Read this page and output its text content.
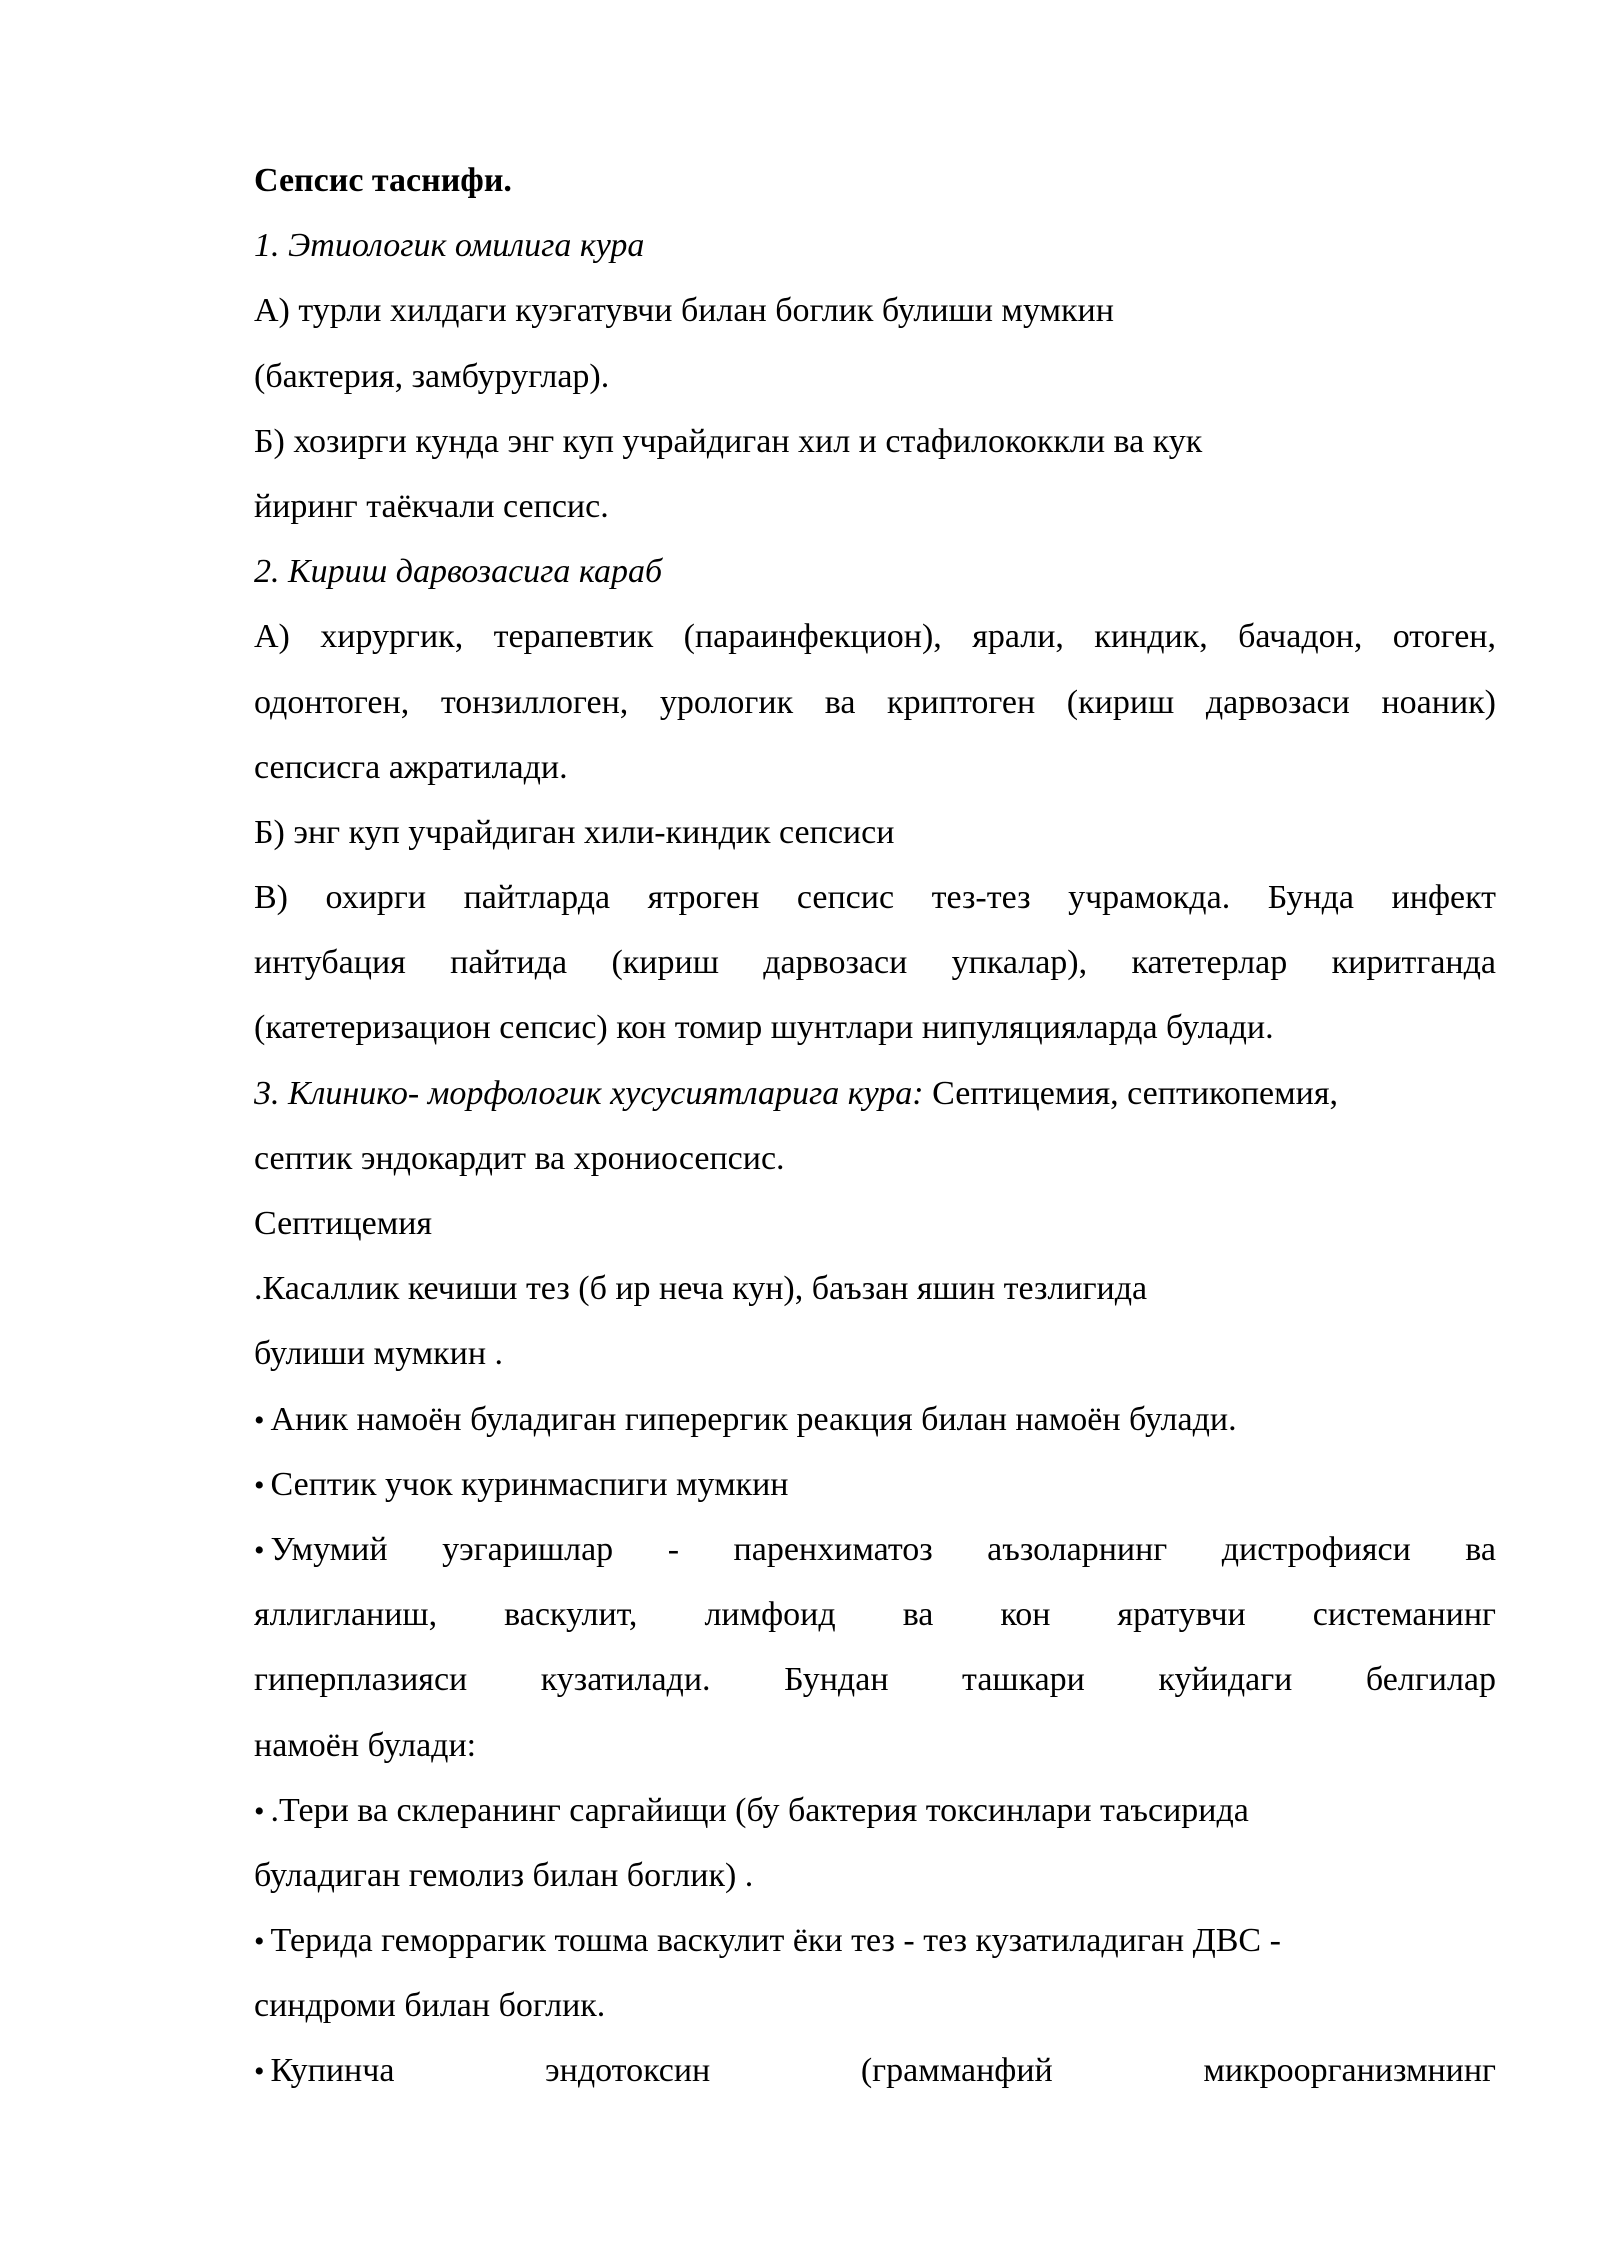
Сепсис таснифи.
1. Этиологик омилига кура
А) турли хилдаги куэгатувчи билан боглик булиши мумкин
(бактерия, замбуруглар).
Б) хозирги кунда энг куп учрайдиган хил и стафилококкли ва кук
йиринг таёкчали сепсис.
2. Кириш дарвозасига караб
А) хирургик, терапевтик (параинфекцион), ярали, киндик, бачадон, отоген,
одонтоген, тонзиллоген, урологик ва криптоген (кириш дарвозаси ноаник)
сепсисга ажратилади.
Б) энг куп учрайдиган хили-киндик сепсиси
В) охирги пайтларда ятроген сепсис тез-тез учрамокда. Бунда инфект
интубация пайтида (кириш дарвозаси упкалар), катетерлар киритганда
(катетеризацион сепсис) кон томир шунтлари нипуляцияларда булади.
3. Клинико- морфологик хусусиятларига кура: Септицемия, септикопемия,
септик эндокардит ва хрониосепсис.
Септицемия
.Касаллик кечиши тез (б ир неча кун), баъзан яшин тезлигида
булиши мумкин .
• Аник намоён буладиган гиперергик реакция билан намоён булади.
• Септик учок куринмаспиги мумкин
• Умумий уэгаришлар - паренхиматоз аъзоларнинг дистрофияси ва
яллигланиш, васкулит, лимфоид ва кон яратувчи системанинг
гиперплазияси кузатилади. Бундан ташкари куйидаги белгилар
намоён булади:
• .Тери ва склеранинг саргайищи (бу бактерия токсинлари таъсирида
буладиган гемолиз билан боглик) .
• Терида геморрагик тошма васкулит ёки тез - тез кузатиладиган ДВС -
синдроми билан боглик.
• Купинча эндотоксин (грамманфий микроорганизмнинг
